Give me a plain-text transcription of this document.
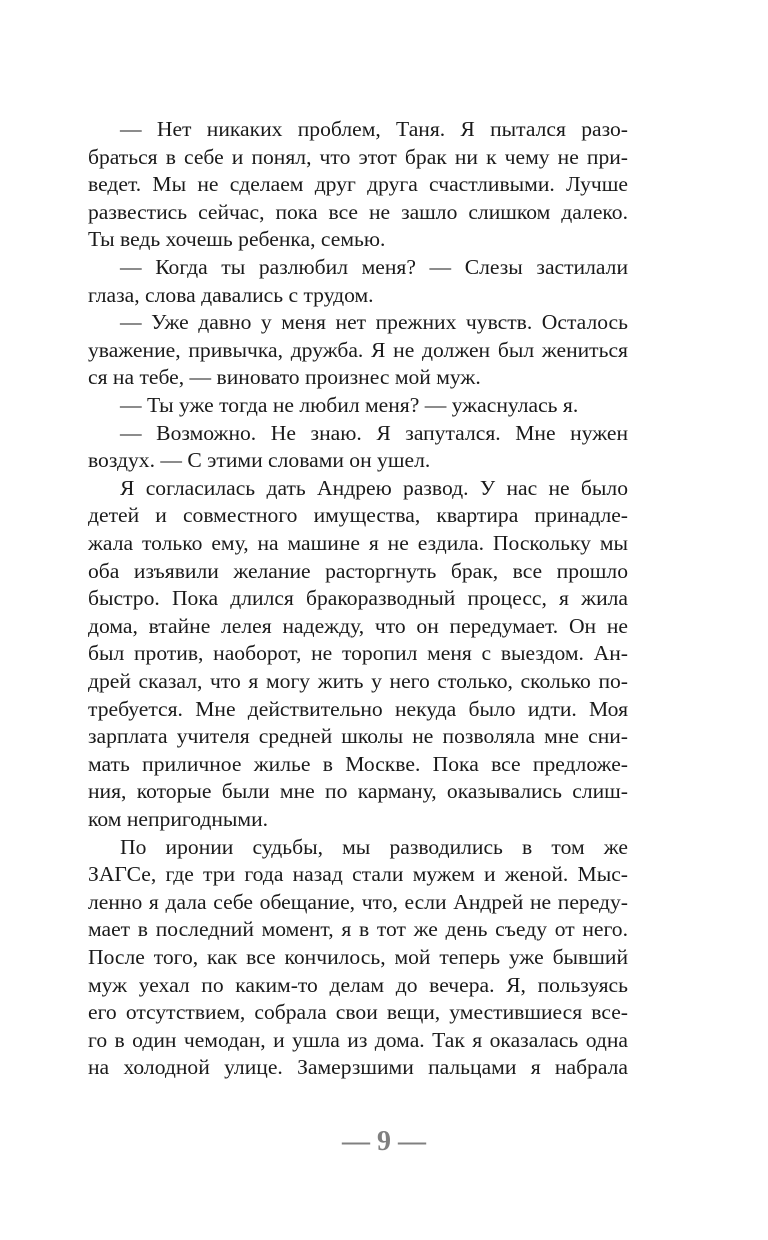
— Нет никаких проблем, Таня. Я пытался разо-
браться в себе и понял, что этот брак ни к чему не при-
ведет. Мы не сделаем друг друга счастливыми. Лучше
развестись сейчас, пока все не зашло слишком далеко.
Ты ведь хочешь ребенка, семью.
— Когда ты разлюбил меня? — Слезы застилали
глаза, слова давались с трудом.
— Уже давно у меня нет прежних чувств. Осталось
уважение, привычка, дружба. Я не должен был жениться
ся на тебе, — виновато произнес мой муж.
— Ты уже тогда не любил меня? — ужаснулась я.
— Возможно. Не знаю. Я запутался. Мне нужен
воздух. — С этими словами он ушел.
Я согласилась дать Андрею развод. У нас не было
детей и совместного имущества, квартира принадле-
жала только ему, на машине я не ездила. Поскольку мы
оба изъявили желание расторгнуть брак, все прошло
быстро. Пока длился бракоразводный процесс, я жила
дома, втайне лелея надежду, что он передумает. Он не
был против, наоборот, не торопил меня с выездом. Ан-
дрей сказал, что я могу жить у него столько, сколько по-
требуется. Мне действительно некуда было идти. Моя
зарплата учителя средней школы не позволяла мне сни-
мать приличное жилье в Москве. Пока все предложе-
ния, которые были мне по карману, оказывались слиш-
ком непригодными.
По иронии судьбы, мы разводились в том же
ЗАГСе, где три года назад стали мужем и женой. Мыс-
ленно я дала себе обещание, что, если Андрей не переду-
мает в последний момент, я в тот же день съеду от него.
После того, как все кончилось, мой теперь уже бывший
муж уехал по каким-то делам до вечера. Я, пользуясь
его отсутствием, собрала свои вещи, уместившиеся все-
го в один чемодан, и ушла из дома. Так я оказалась одна
на холодной улице. Замерзшими пальцами я набрала
— 9 —
